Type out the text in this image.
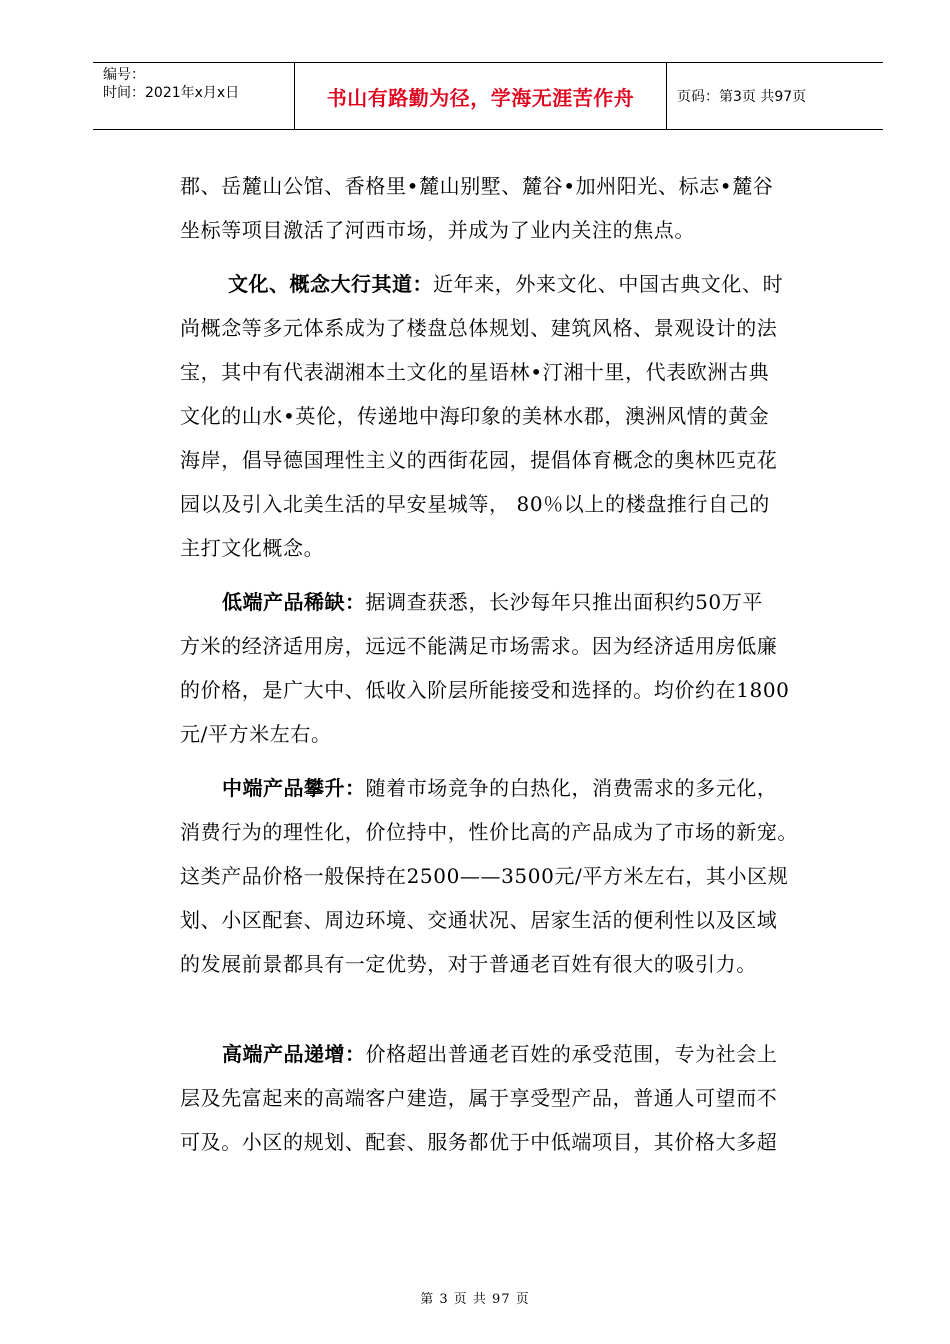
编号：
时间：2021年x月x日	书山有路勤为径，学海无涯苦作舟	页码：第3页 共97页
郡、岳麓山公馆、香格里•麓山别墅、麓谷•加州阳光、标志•麓谷
坐标等项目激活了河西市场，并成为了业内关注的焦点。
文化、概念大行其道：近年来，外来文化、中国古典文化、时
尚概念等多元体系成为了楼盘总体规划、建筑风格、景观设计的法
宝，其中有代表湖湘本土文化的星语林•汀湘十里，代表欧洲古典
文化的山水•英伦，传递地中海印象的美林水郡，澳洲风情的黄金
海岸，倡导德国理性主义的西街花园，提倡体育概念的奥林匹克花
园以及引入北美生活的早安星城等， 80％以上的楼盘推行自己的
主打文化概念。
低端产品稀缺：据调查获悉，长沙每年只推出面积约50万平
方米的经济适用房，远远不能满足市场需求。因为经济适用房低廉
的价格，是广大中、低收入阶层所能接受和选择的。均价约在1800
元/平方米左右。
中端产品攀升：随着市场竞争的白热化，消费需求的多元化，
消费行为的理性化，价位持中，性价比高的产品成为了市场的新宠。
这类产品价格一般保持在2500——3500元/平方米左右，其小区规
划、小区配套、周边环境、交通状况、居家生活的便利性以及区域
的发展前景都具有一定优势，对于普通老百姓有很大的吸引力。
高端产品递增：价格超出普通老百姓的承受范围，专为社会上
层及先富起来的高端客户建造，属于享受型产品，普通人可望而不
可及。小区的规划、配套、服务都优于中低端项目，其价格大多超
第 3 页 共 97 页
